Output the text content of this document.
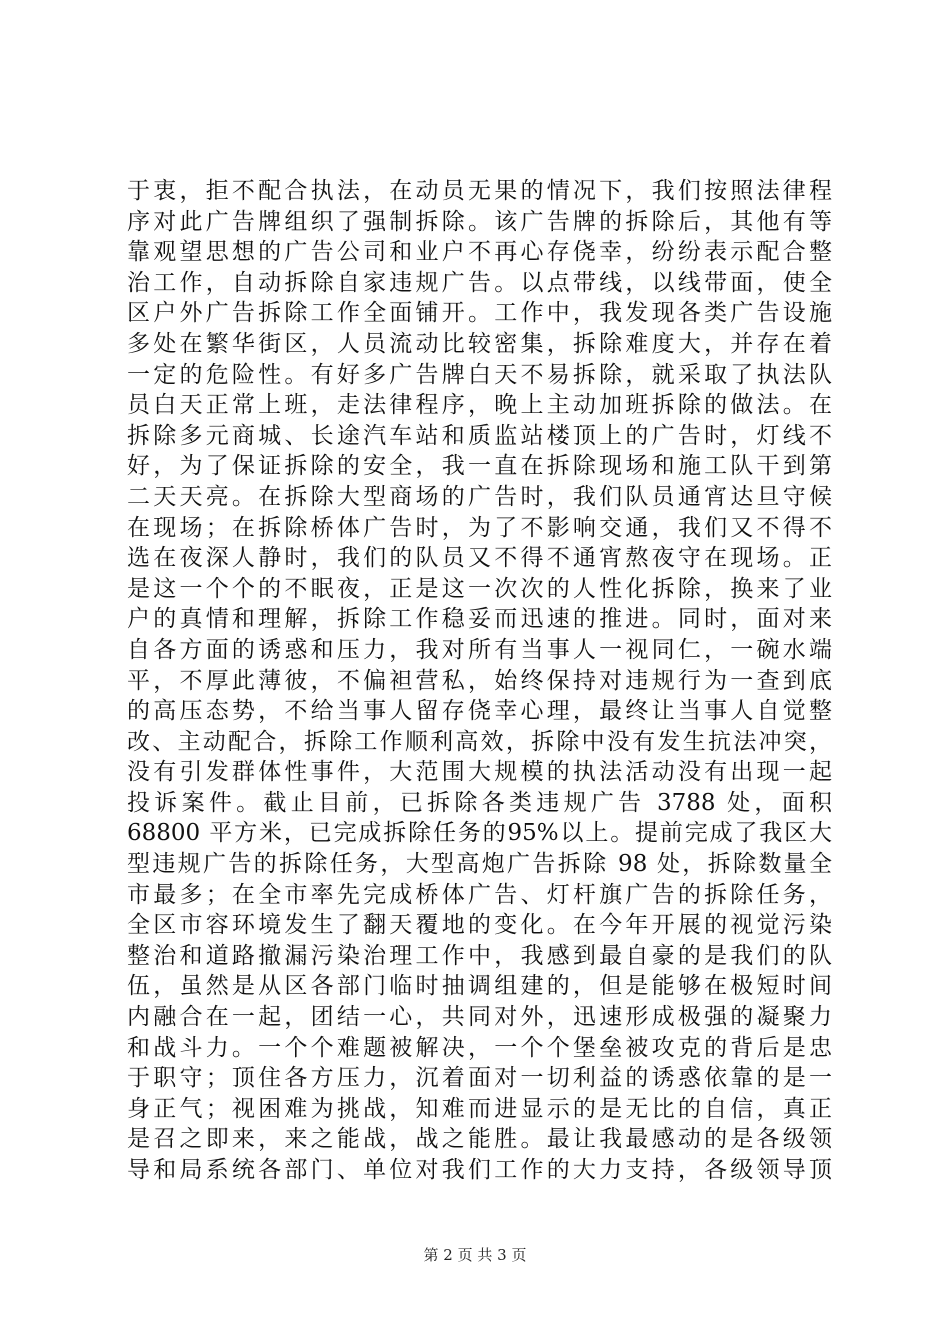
于衷，拒不配合执法，在动员无果的情况下，我们按照法律程
序对此广告牌组织了强制拆除。该广告牌的拆除后，其他有等
靠观望思想的广告公司和业户不再心存侥幸，纷纷表示配合整
治工作，自动拆除自家违规广告。以点带线，以线带面，使全
区户外广告拆除工作全面铺开。工作中，我发现各类广告设施
多处在繁华街区，人员流动比较密集，拆除难度大，并存在着
一定的危险性。有好多广告牌白天不易拆除，就采取了执法队
员白天正常上班，走法律程序，晚上主动加班拆除的做法。在
拆除多元商城、长途汽车站和质监站楼顶上的广告时，灯线不
好，为了保证拆除的安全，我一直在拆除现场和施工队干到第
二天天亮。在拆除大型商场的广告时，我们队员通宵达旦守候
在现场；在拆除桥体广告时，为了不影响交通，我们又不得不
选在夜深人静时，我们的队员又不得不通宵熬夜守在现场。正
是这一个个的不眠夜，正是这一次次的人性化拆除，换来了业
户的真情和理解，拆除工作稳妥而迅速的推进。同时，面对来
自各方面的诱惑和压力，我对所有当事人一视同仁，一碗水端
平，不厚此薄彼，不偏袒营私，始终保持对违规行为一查到底
的高压态势，不给当事人留存侥幸心理，最终让当事人自觉整
改、主动配合，拆除工作顺利高效，拆除中没有发生抗法冲突，
没有引发群体性事件，大范围大规模的执法活动没有出现一起
投诉案件。截止目前，已拆除各类违规广告 3788 处，面积
68800 平方米，已完成拆除任务的95%以上。提前完成了我区大
型违规广告的拆除任务，大型高炮广告拆除 98 处，拆除数量全
市最多；在全市率先完成桥体广告、灯杆旗广告的拆除任务，
全区市容环境发生了翻天覆地的变化。在今年开展的视觉污染
整治和道路撤漏污染治理工作中，我感到最自豪的是我们的队
伍，虽然是从区各部门临时抽调组建的，但是能够在极短时间
内融合在一起，团结一心，共同对外，迅速形成极强的凝聚力
和战斗力。一个个难题被解决，一个个堡垒被攻克的背后是忠
于职守；顶住各方压力，沉着面对一切利益的诱惑依靠的是一
身正气；视困难为挑战，知难而进显示的是无比的自信，真正
是召之即来，来之能战，战之能胜。最让我最感动的是各级领
导和局系统各部门、单位对我们工作的大力支持，各级领导顶
第 2 页 共 3 页
